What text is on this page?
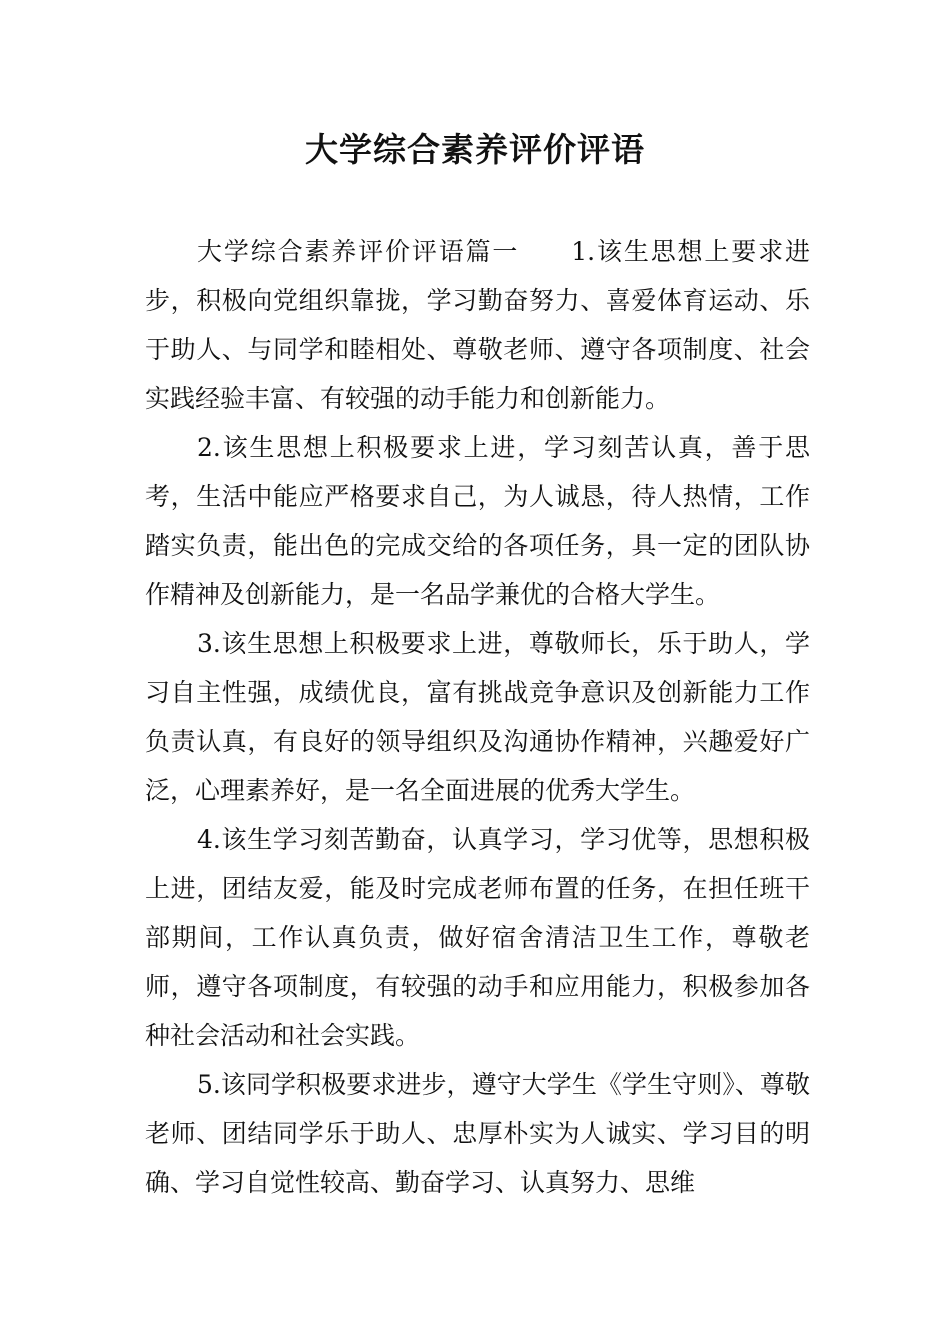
大学综合素养评价评语

大学综合素养评价评语篇一 1.该生思想上要求进步，积极向党组织靠拢，学习勤奋努力、喜爱体育运动、乐于助人、与同学和睦相处、尊敬老师、遵守各项制度、社会实践经验丰富、有较强的动手能力和创新能力。

2.该生思想上积极要求上进，学习刻苦认真，善于思考，生活中能应严格要求自己，为人诚恳，待人热情，工作踏实负责，能出色的完成交给的各项任务，具一定的团队协作精神及创新能力，是一名品学兼优的合格大学生。

3.该生思想上积极要求上进，尊敬师长，乐于助人，学习自主性强，成绩优良，富有挑战竞争意识及创新能力工作负责认真，有良好的领导组织及沟通协作精神，兴趣爱好广泛，心理素养好，是一名全面进展的优秀大学生。

4.该生学习刻苦勤奋，认真学习，学习优等，思想积极上进，团结友爱，能及时完成老师布置的任务，在担任班干部期间，工作认真负责，做好宿舍清洁卫生工作，尊敬老师，遵守各项制度，有较强的动手和应用能力，积极参加各种社会活动和社会实践。

5.该同学积极要求进步，遵守大学生《学生守则》、尊敬老师、团结同学乐于助人、忠厚朴实为人诚实、学习目的明确、学习自觉性较高、勤奋学习、认真努力、思维
